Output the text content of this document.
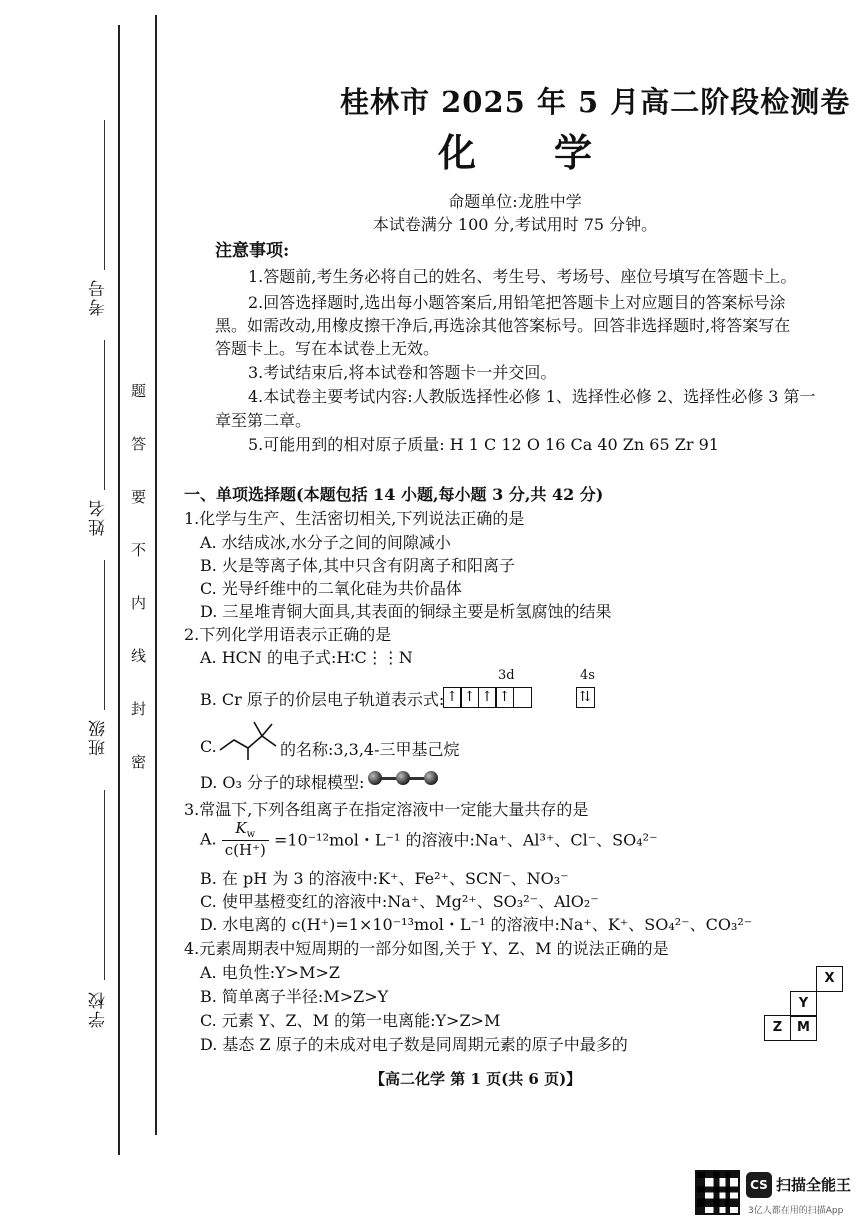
考号
姓名
班级
学校
题
答
要
不
内
线
封
密
桂林市 2025 年 5 月高二阶段检测卷
化 学
命题单位:龙胜中学
本试卷满分 100 分,考试用时 75 分钟。
注意事项:
1.答题前,考生务必将自己的姓名、考生号、考场号、座位号填写在答题卡上。
2.回答选择题时,选出每小题答案后,用铅笔把答题卡上对应题目的答案标号涂
黑。如需改动,用橡皮擦干净后,再选涂其他答案标号。回答非选择题时,将答案写在
答题卡上。写在本试卷上无效。
3.考试结束后,将本试卷和答题卡一并交回。
4.本试卷主要考试内容:人教版选择性必修 1、选择性必修 2、选择性必修 3 第一
章至第二章。
5.可能用到的相对原子质量: H 1 C 12 O 16 Ca 40 Zn 65 Zr 91
一、单项选择题(本题包括 14 小题,每小题 3 分,共 42 分)
1.化学与生产、生活密切相关,下列说法正确的是
A. 水结成冰,水分子之间的间隙减小
B. 火是等离子体,其中只含有阴离子和阳离子
C. 光导纤维中的二氧化硅为共价晶体
D. 三星堆青铜大面具,其表面的铜绿主要是析氢腐蚀的结果
2.下列化学用语表示正确的是
A. HCN 的电子式:H∶C⋮⋮N
3d	4s
B. Cr 原子的价层电子轨道表示式: ↑ ↑ ↑ ↑	⇅
C.	的名称:3,3,4-三甲基己烷
D. O₃ 分子的球棍模型:
3.常温下,下列各组离子在指定溶液中一定能大量共存的是
A. $\frac{K_w}{c(H^+)} =10^{-12}mol$・L⁻¹ 的溶液中:Na⁺、Al³⁺、Cl⁻、SO₄²⁻
B. 在 pH 为 3 的溶液中:K⁺、Fe²⁺、SCN⁻、NO₃⁻
C. 使甲基橙变红的溶液中:Na⁺、Mg²⁺、SO₃²⁻、AlO₂⁻
D. 水电离的 c(H⁺)=1×10⁻¹³mol・L⁻¹ 的溶液中:Na⁺、K⁺、SO₄²⁻、CO₃²⁻
4.元素周期表中短周期的一部分如图,关于 Y、Z、M 的说法正确的是
A. 电负性:Y>M>Z
B. 简单离子半径:M>Z>Y
C. 元素 Y、Z、M 的第一电离能:Y>Z>M
D. 基态 Z 原子的未成对电子数是同周期元素的原子中最多的
X
Y
Z	M
【高二化学 第 1 页(共 6 页)】
CS 扫描全能王
3亿人都在用的扫描App
